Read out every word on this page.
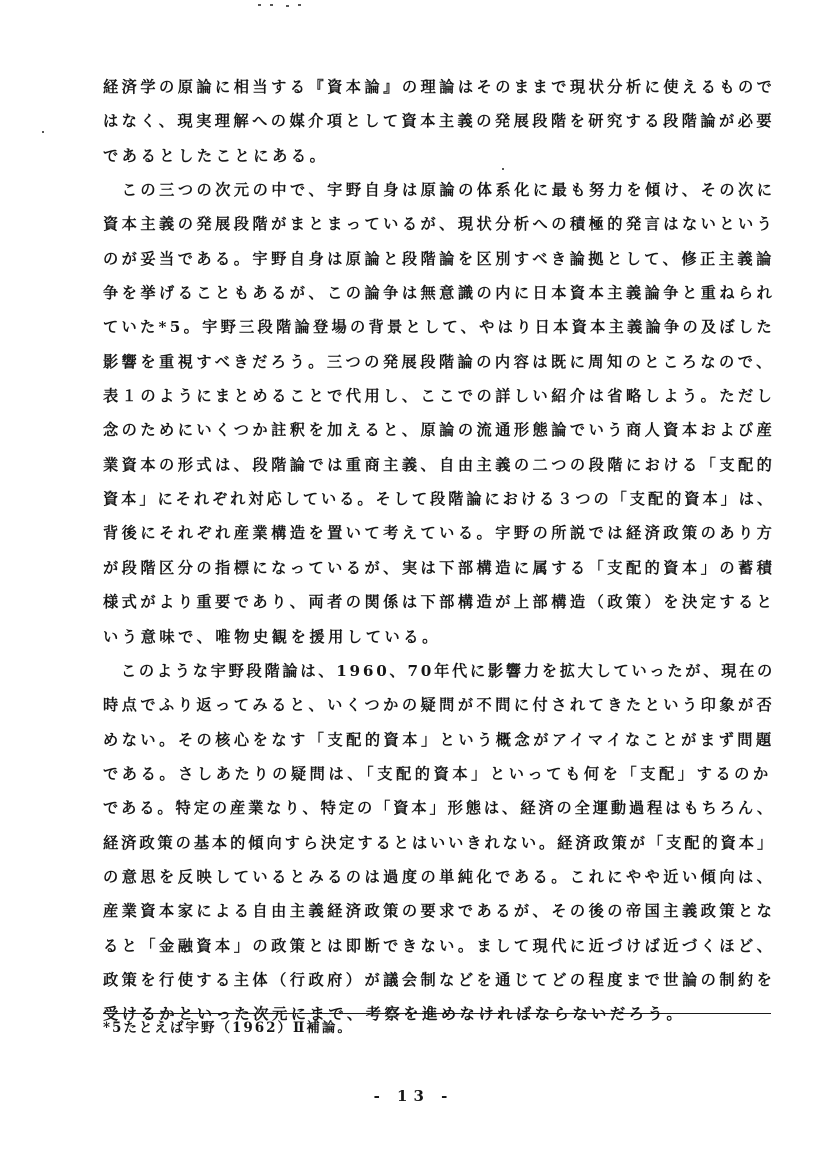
経済学の原論に相当する『資本論』の理論はそのままで現状分析に使えるもので
はなく、現実理解への媒介項として資本主義の発展段階を研究する段階論が必要
であるとしたことにある。
　この三つの次元の中で、宇野自身は原論の体系化に最も努力を傾け、その次に
資本主義の発展段階がまとまっているが、現状分析への積極的発言はないという
のが妥当である。宇野自身は原論と段階論を区別すべき論拠として、修正主義論
争を挙げることもあるが、この論争は無意識の内に日本資本主義論争と重ねられ
ていた*5。宇野三段階論登場の背景として、やはり日本資本主義論争の及ぼした
影響を重視すべきだろう。三つの発展段階論の内容は既に周知のところなので、
表１のようにまとめることで代用し、ここでの詳しい紹介は省略しよう。ただし
念のためにいくつか註釈を加えると、原論の流通形態論でいう商人資本および産
業資本の形式は、段階論では重商主義、自由主義の二つの段階における「支配的
資本」にそれぞれ対応している。そして段階論における３つの「支配的資本」は、
背後にそれぞれ産業構造を置いて考えている。宇野の所説では経済政策のあり方
が段階区分の指標になっているが、実は下部構造に属する「支配的資本」の蓄積
様式がより重要であり、両者の関係は下部構造が上部構造（政策）を決定すると
いう意味で、唯物史観を援用している。
　このような宇野段階論は、1960、70年代に影響力を拡大していったが、現在の
時点でふり返ってみると、いくつかの疑問が不問に付されてきたという印象が否
めない。その核心をなす「支配的資本」という概念がアイマイなことがまず問題
である。さしあたりの疑問は、「支配的資本」といっても何を「支配」するのか
である。特定の産業なり、特定の「資本」形態は、経済の全運動過程はもちろん、
経済政策の基本的傾向すら決定するとはいいきれない。経済政策が「支配的資本」
の意思を反映しているとみるのは過度の単純化である。これにやや近い傾向は、
産業資本家による自由主義経済政策の要求であるが、その後の帝国主義政策とな
ると「金融資本」の政策とは即断できない。まして現代に近づけば近づくほど、
政策を行使する主体（行政府）が議会制などを通じてどの程度まで世論の制約を
受けるかといった次元にまで、考察を進めなければならないだろう。
*5たとえば宇野（1962）Ⅱ補論。
- 13 -
